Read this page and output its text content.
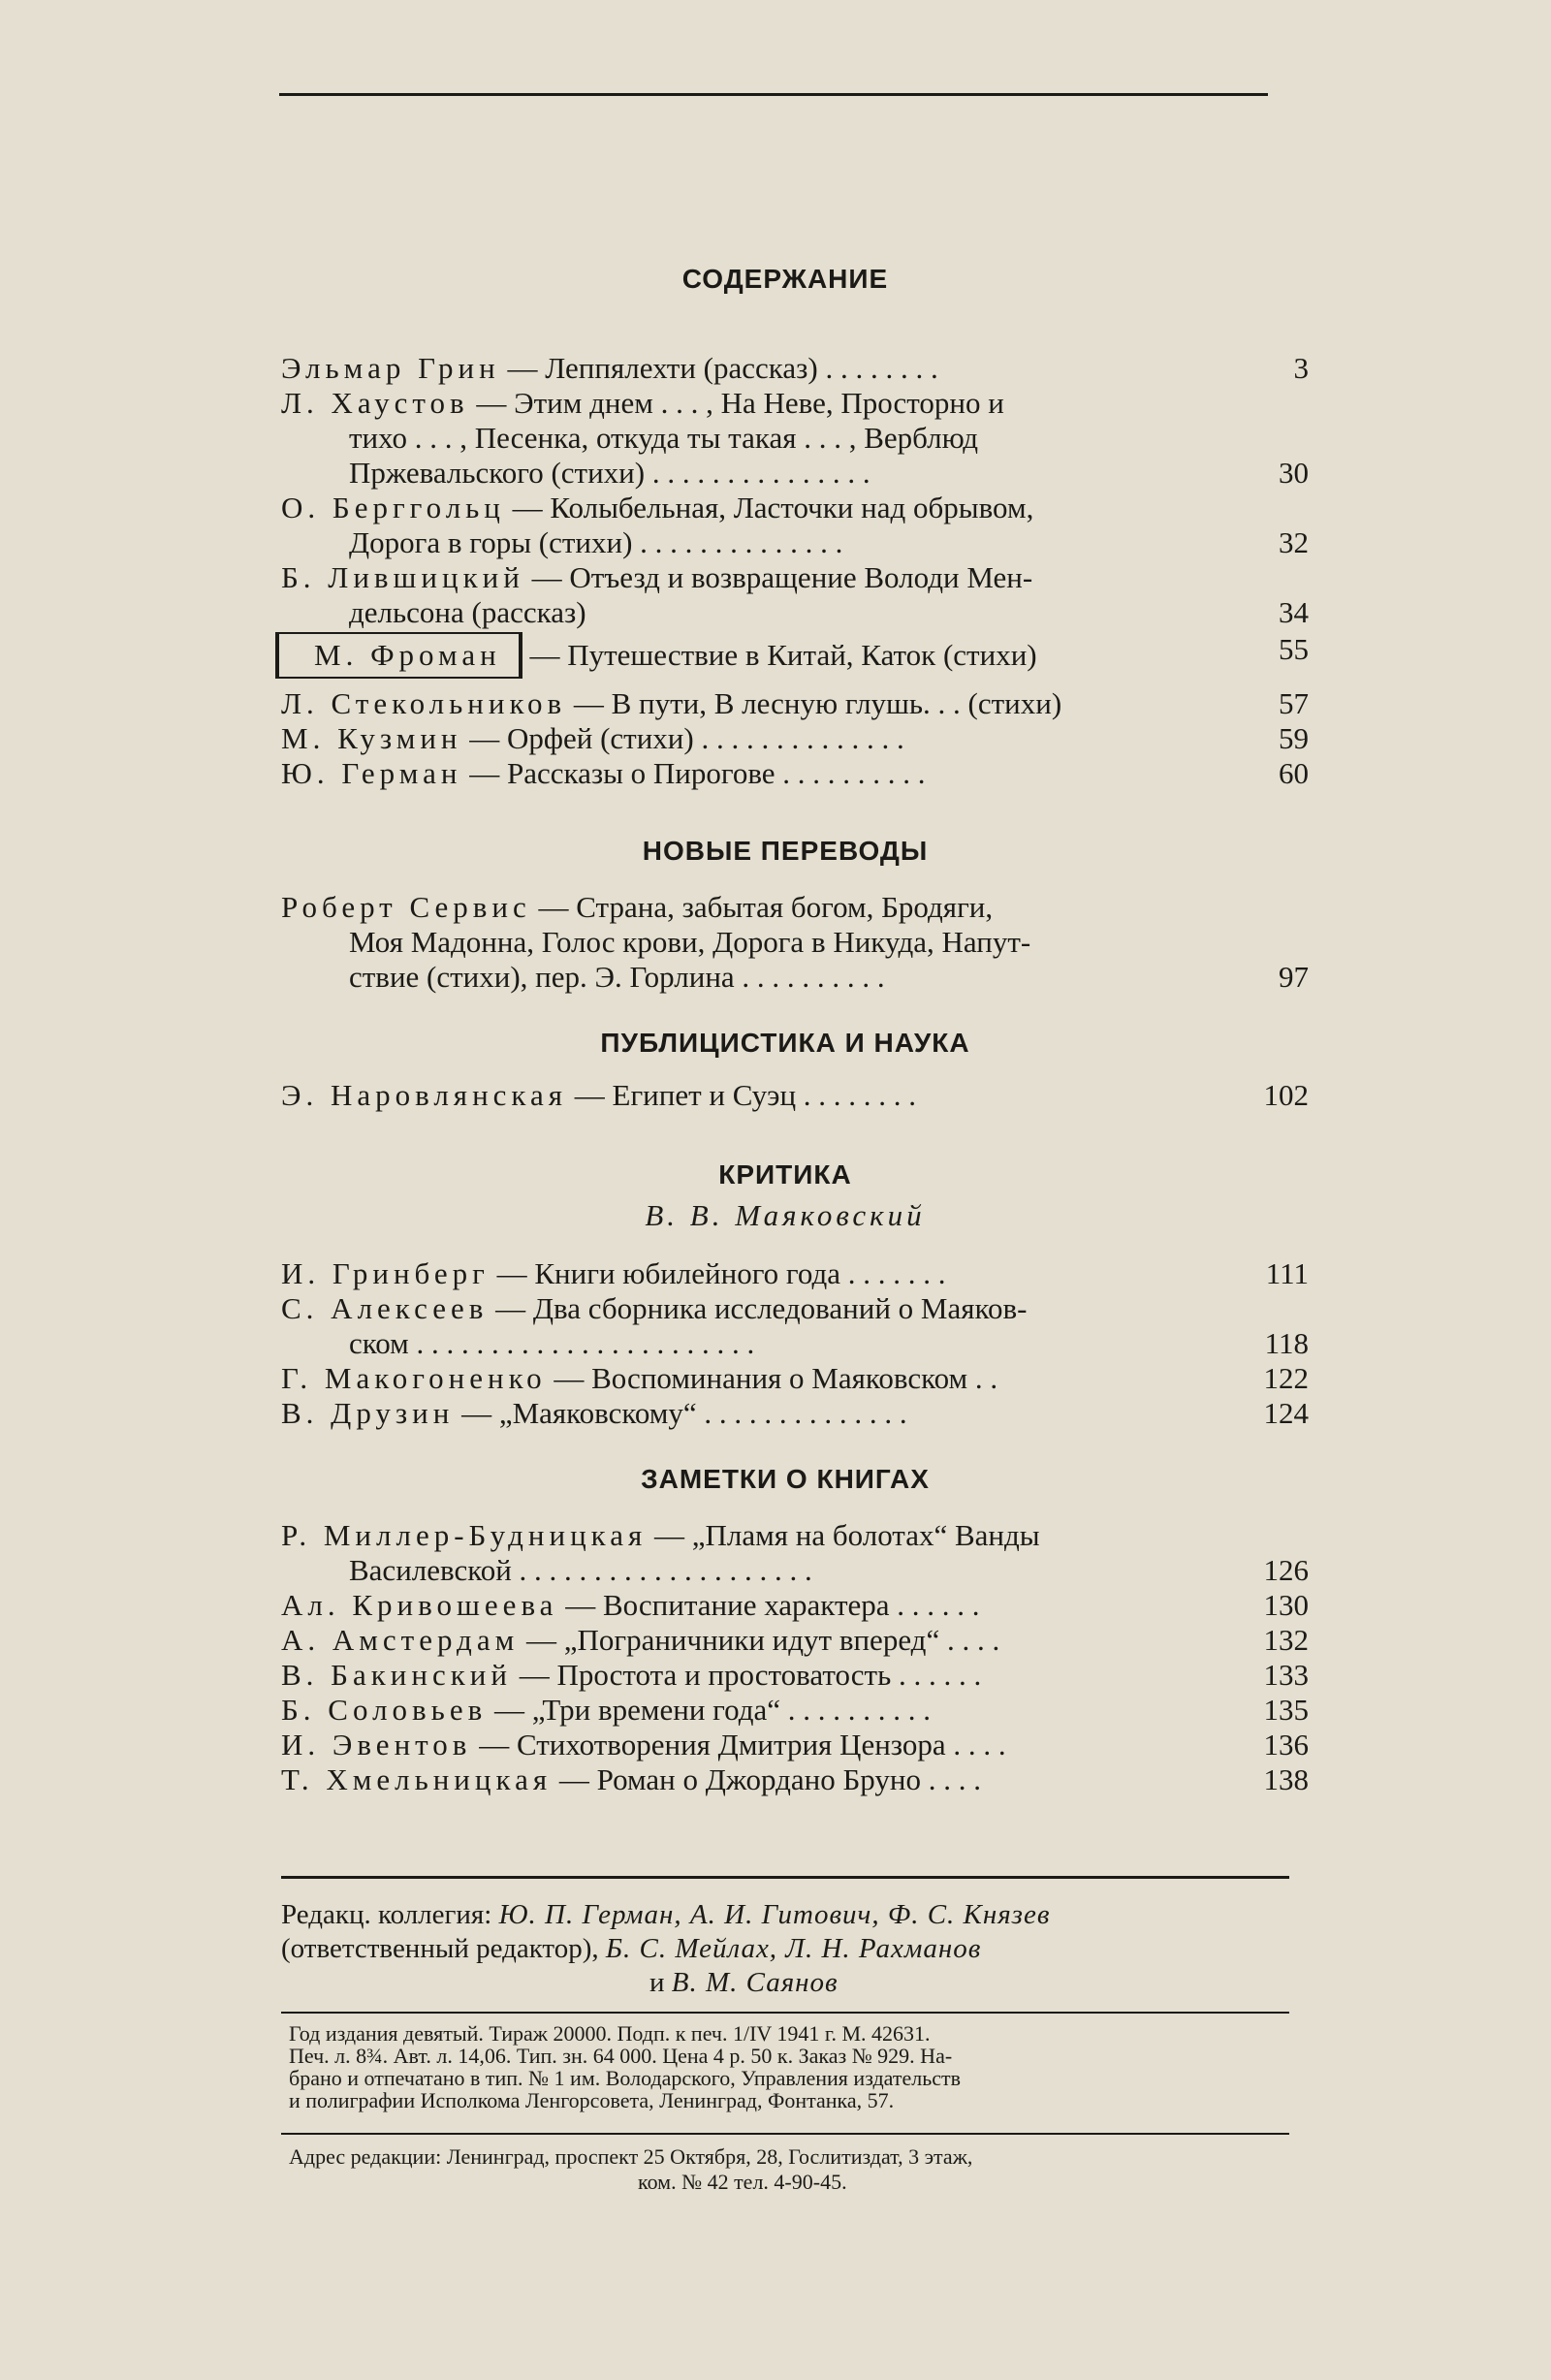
СОДЕРЖАНИЕ
Эльмар Грин — Леппялехти (рассказ) . . . . . . . .	3
Л. Хаустов — Этим днем . . . , На Неве, Просторно и
тихо . . . , Песенка, откуда ты такая . . . , Верблюд
Пржевальского (стихи) . . . . . . . . . . . . . . .	30
О. Берггольц — Колыбельная, Ласточки над обрывом,
Дорога в горы (стихи) . . . . . . . . . . . . . .	32
Б. Лившицкий — Отъезд и возвращение Володи Мен-
дельсона (рассказ)	34
М. Фроман — Путешествие в Китай, Каток (стихи)	55
Л. Стекольников — В пути, В лесную глушь. . . (стихи)	57
М. Кузмин — Орфей (стихи) . . . . . . . . . . . . . .	59
Ю. Герман — Рассказы о Пирогове . . . . . . . . . .	60
НОВЫЕ ПЕРЕВОДЫ
Роберт Сервис — Страна, забытая богом, Бродяги,
Моя Мадонна, Голос крови, Дорога в Никуда, Напут-
ствие (стихи), пер. Э. Горлина . . . . . . . . . .	97
ПУБЛИЦИСТИКА И НАУКА
Э. Наровлянская — Египет и Суэц . . . . . . . .	102
КРИТИКА
В. В. Маяковский
И. Гринберг — Книги юбилейного года . . . . . . .	111
С. Алексеев — Два сборника исследований о Маяков-
ском . . . . . . . . . . . . . . . . . . . . . . .	118
Г. Макогоненко — Воспоминания о Маяковском . .	122
В. Друзин — „Маяковскому“ . . . . . . . . . . . . . .	124
ЗАМЕТКИ О КНИГАХ
Р. Миллер-Будницкая — „Пламя на болотах“ Ванды
Василевской . . . . . . . . . . . . . . . . . . . .	126
Ал. Кривошеева — Воспитание характера . . . . . .	130
А. Амстердам — „Пограничники идут вперед“ . . . .	132
В. Бакинский — Простота и простоватость . . . . . .	133
Б. Соловьев — „Три времени года“ . . . . . . . . . .	135
И. Эвентов — Стихотворения Дмитрия Цензора . . . .	136
Т. Хмельницкая — Роман о Джордано Бруно . . . .	138
Редакц. коллегия: Ю. П. Герман, А. И. Гитович, Ф. С. Князев
(ответственный редактор), Б. С. Мейлах, Л. Н. Рахманов
и В. М. Саянов
Год издания девятый. Тираж 20000. Подп. к печ. 1/IV 1941 г. М. 42631.
Печ. л. 8¾. Авт. л. 14,06. Тип. зн. 64 000. Цена 4 р. 50 к. Заказ № 929. На-
брано и отпечатано в тип. № 1 им. Володарского, Управления издательств
и полиграфии Исполкома Ленгорсовета, Ленинград, Фонтанка, 57.
Адрес редакции: Ленинград, проспект 25 Октября, 28, Гослитиздат, 3 этаж,
ком. № 42 тел. 4-90-45.
